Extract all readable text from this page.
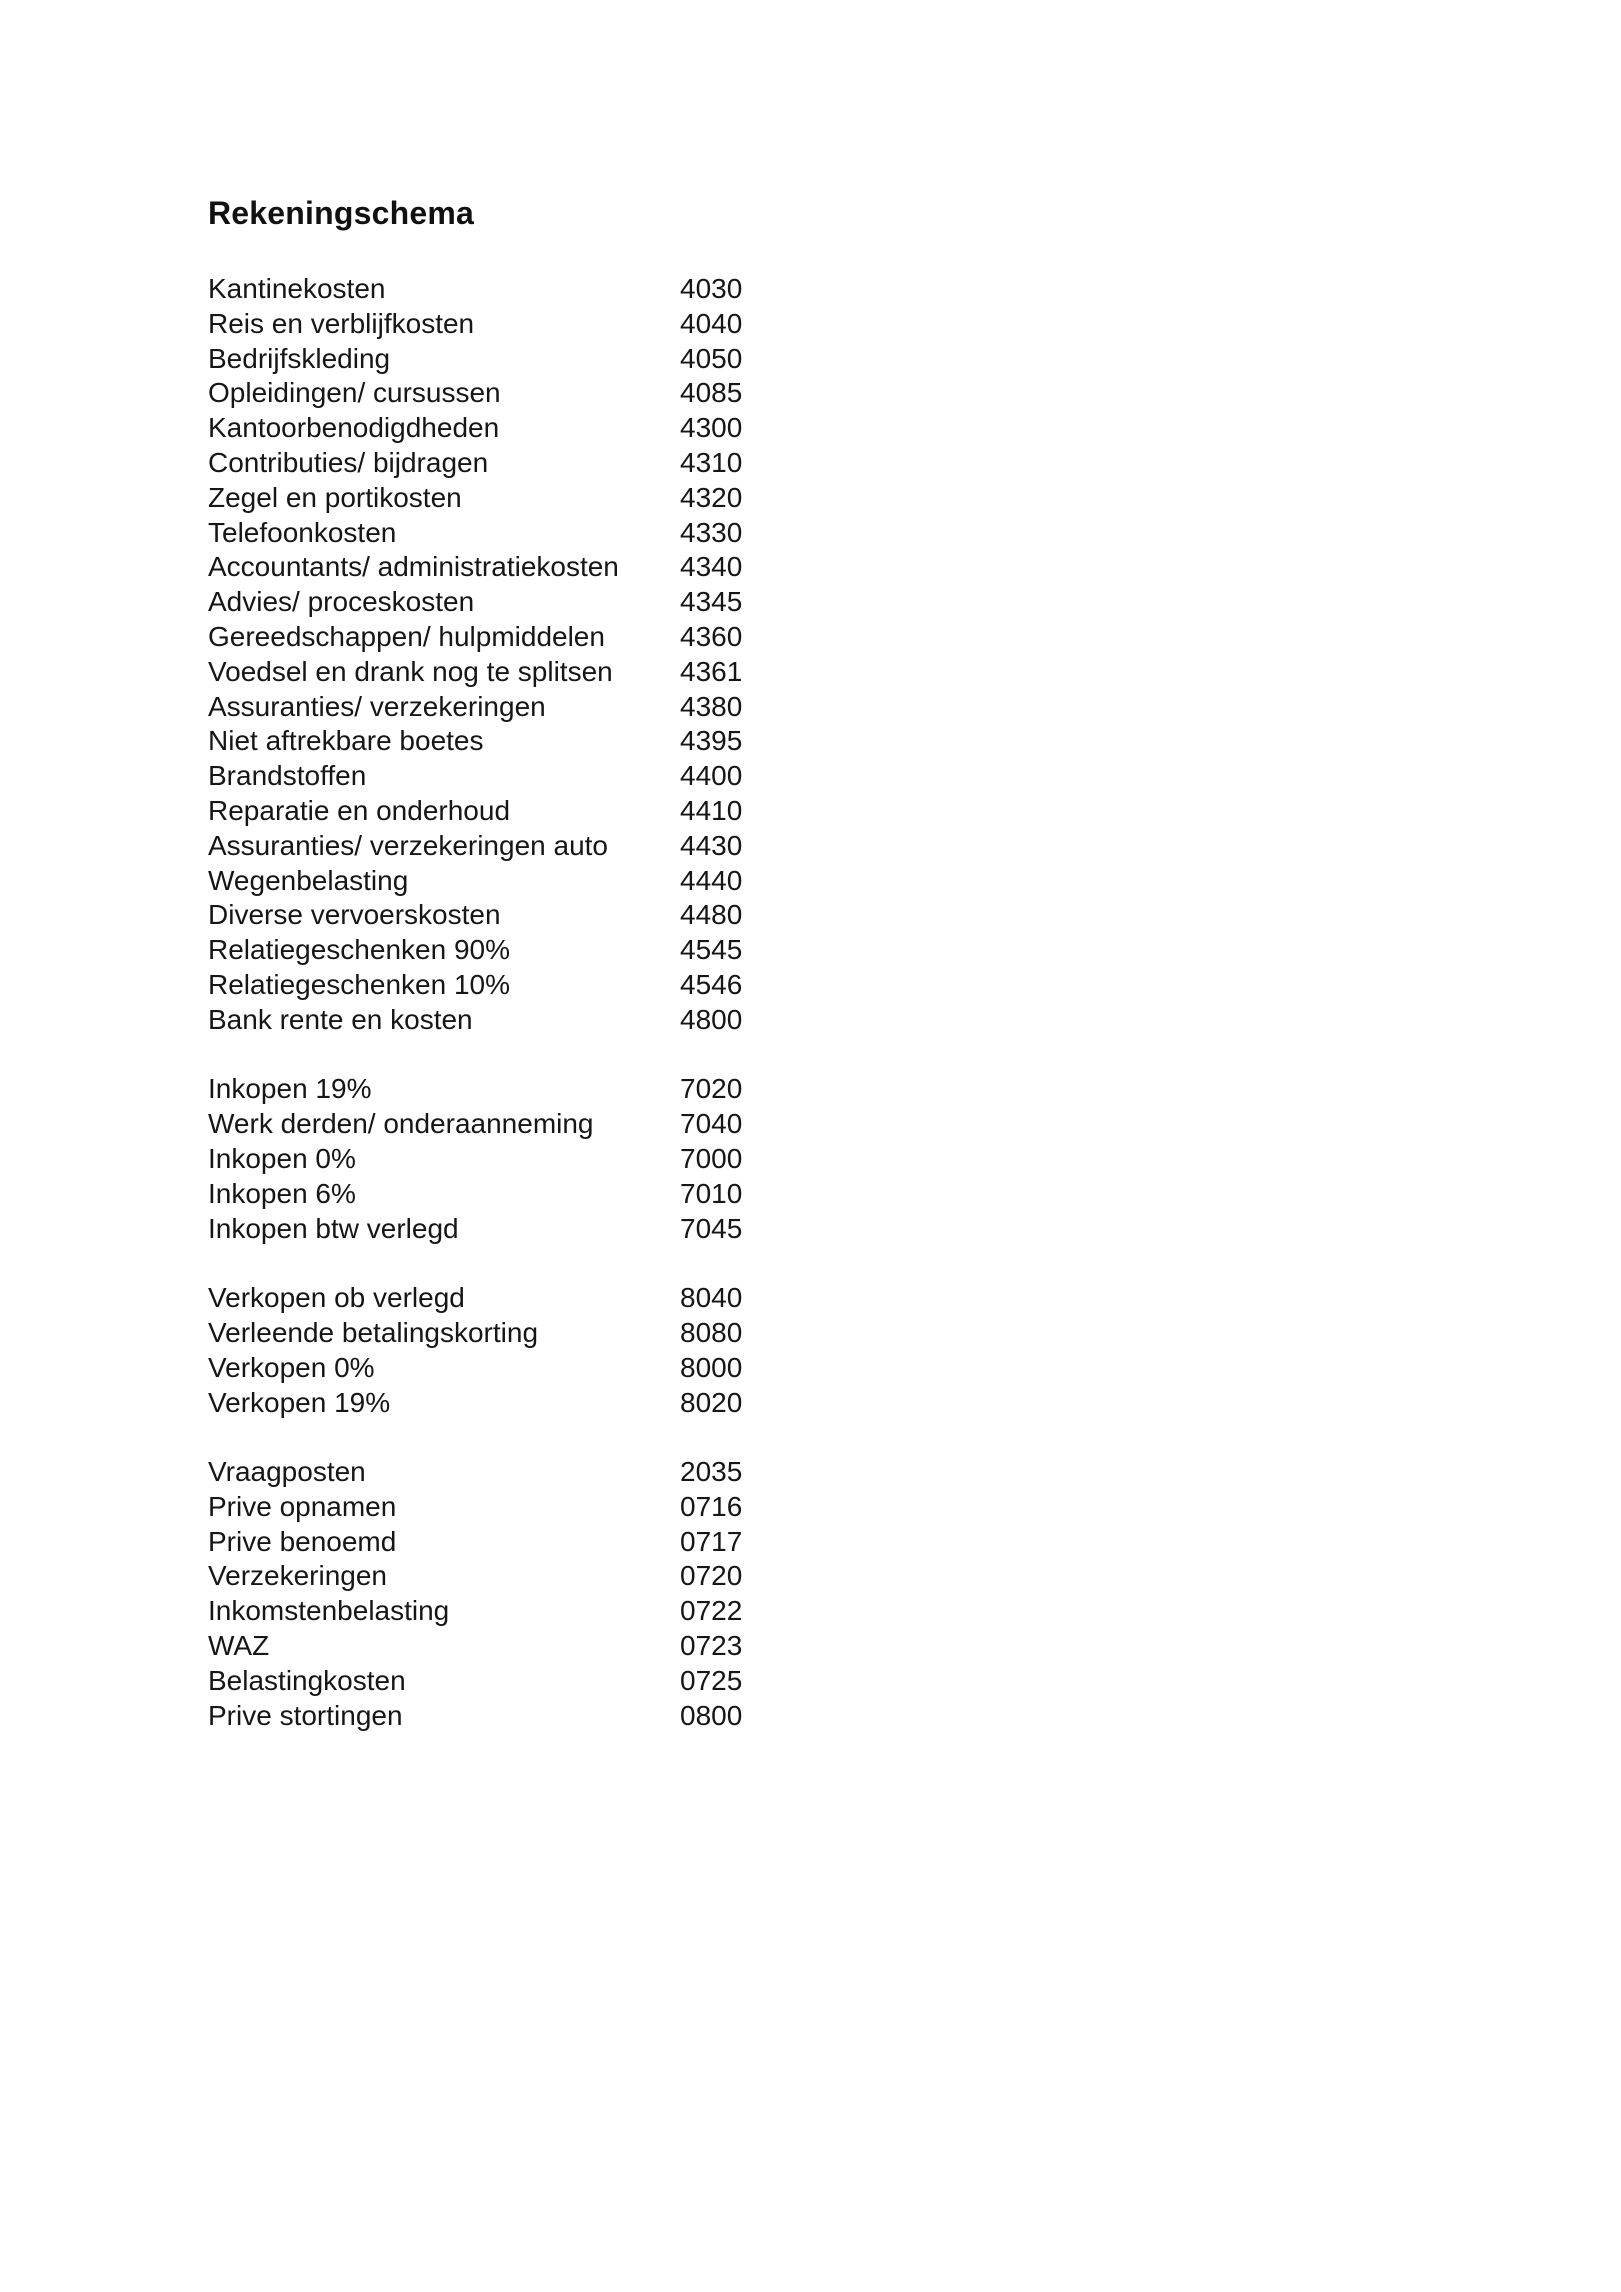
Rekeningschema
Kantinekosten	4030
Reis en verblijfkosten	4040
Bedrijfskleding	4050
Opleidingen/ cursussen	4085
Kantoorbenodigdheden	4300
Contributies/ bijdragen	4310
Zegel en portikosten	4320
Telefoonkosten	4330
Accountants/ administratiekosten	4340
Advies/ proceskosten	4345
Gereedschappen/ hulpmiddelen	4360
Voedsel en drank nog te splitsen	4361
Assuranties/ verzekeringen	4380
Niet aftrekbare boetes	4395
Brandstoffen	4400
Reparatie en onderhoud	4410
Assuranties/ verzekeringen auto	4430
Wegenbelasting	4440
Diverse vervoerskosten	4480
Relatiegeschenken 90%	4545
Relatiegeschenken 10%	4546
Bank rente en kosten	4800
Inkopen 19%	7020
Werk derden/ onderaanneming	7040
Inkopen 0%	7000
Inkopen 6%	7010
Inkopen btw verlegd	7045
Verkopen ob verlegd	8040
Verleende betalingskorting	8080
Verkopen 0%	8000
Verkopen 19%	8020
Vraagposten	2035
Prive opnamen	0716
Prive benoemd	0717
Verzekeringen	0720
Inkomstenbelasting	0722
WAZ	0723
Belastingkosten	0725
Prive stortingen	0800
